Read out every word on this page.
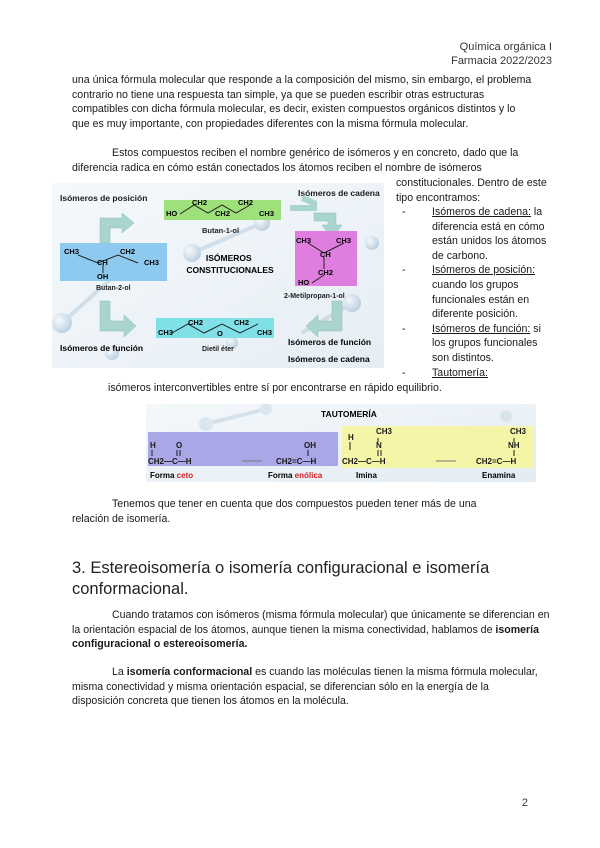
Química orgánica I
Farmacia 2022/2023
una única fórmula molecular que responde a la composición del mismo, sin embargo, el problema contrario no tiene una respuesta tan simple, ya que se pueden escribir otras estructuras compatibles con dicha fórmula molecular, es decir, existen compuestos orgánicos distintos y lo que es muy importante, con propiedades diferentes con la misma fórmula molecular.
Estos compuestos reciben el nombre genérico de isómeros y en concreto, dado que la diferencia radica en cómo están conectados los átomos reciben el nombre de isómeros
constitucionales. Dentro de este tipo encontramos:
-	Isómeros de cadena: la diferencia está en cómo están unidos los átomos de carbono.
-	Isómeros de posición: cuando los grupos funcionales están en diferente posición.
-	Isómeros de función: si los grupos funcionales son distintos.
-	Tautomería:
Isómeros de posición	Isómeros de cadena
HO
CH2
CH2
CH2
CH3
Butan-1-ol
CH3
CH
CH2
CH3
OH
Butan-2-ol
ISÓMEROS CONSTITUCIONALES
CH3	CH3
CH
CH2
HO
2-Metilpropan-1-ol
CH3
CH2
O
CH2
CH3
Dietil éter
Isómeros de función
Isómeros de función
Isómeros de cadena
isómeros interconvertibles entre sí por encontrarse en rápido equilibrio.
TAUTOMERÍA
H	O
CH2—C—H
OH
CH2=C—H
H
CH3
N
CH2—C—H
CH3
NH
CH2=C—H
Forma ceto	Forma enólica	Imina	Enamina
Tenemos que tener en cuenta que dos compuestos pueden tener más de una relación de isomería.
3. Estereoisomería o isomería configuracional e isomería conformacional.
Cuando tratamos con isómeros (misma fórmula molecular) que únicamente se diferencian en la orientación espacial de los átomos, aunque tienen la misma conectividad, hablamos de isomería configuracional o estereoisomería.
La isomería conformacional es cuando las moléculas tienen la misma fórmula molecular, misma conectividad y misma orientación espacial, se diferencian sólo en la energía de la disposición concreta que tienen los átomos en la molécula.
2
